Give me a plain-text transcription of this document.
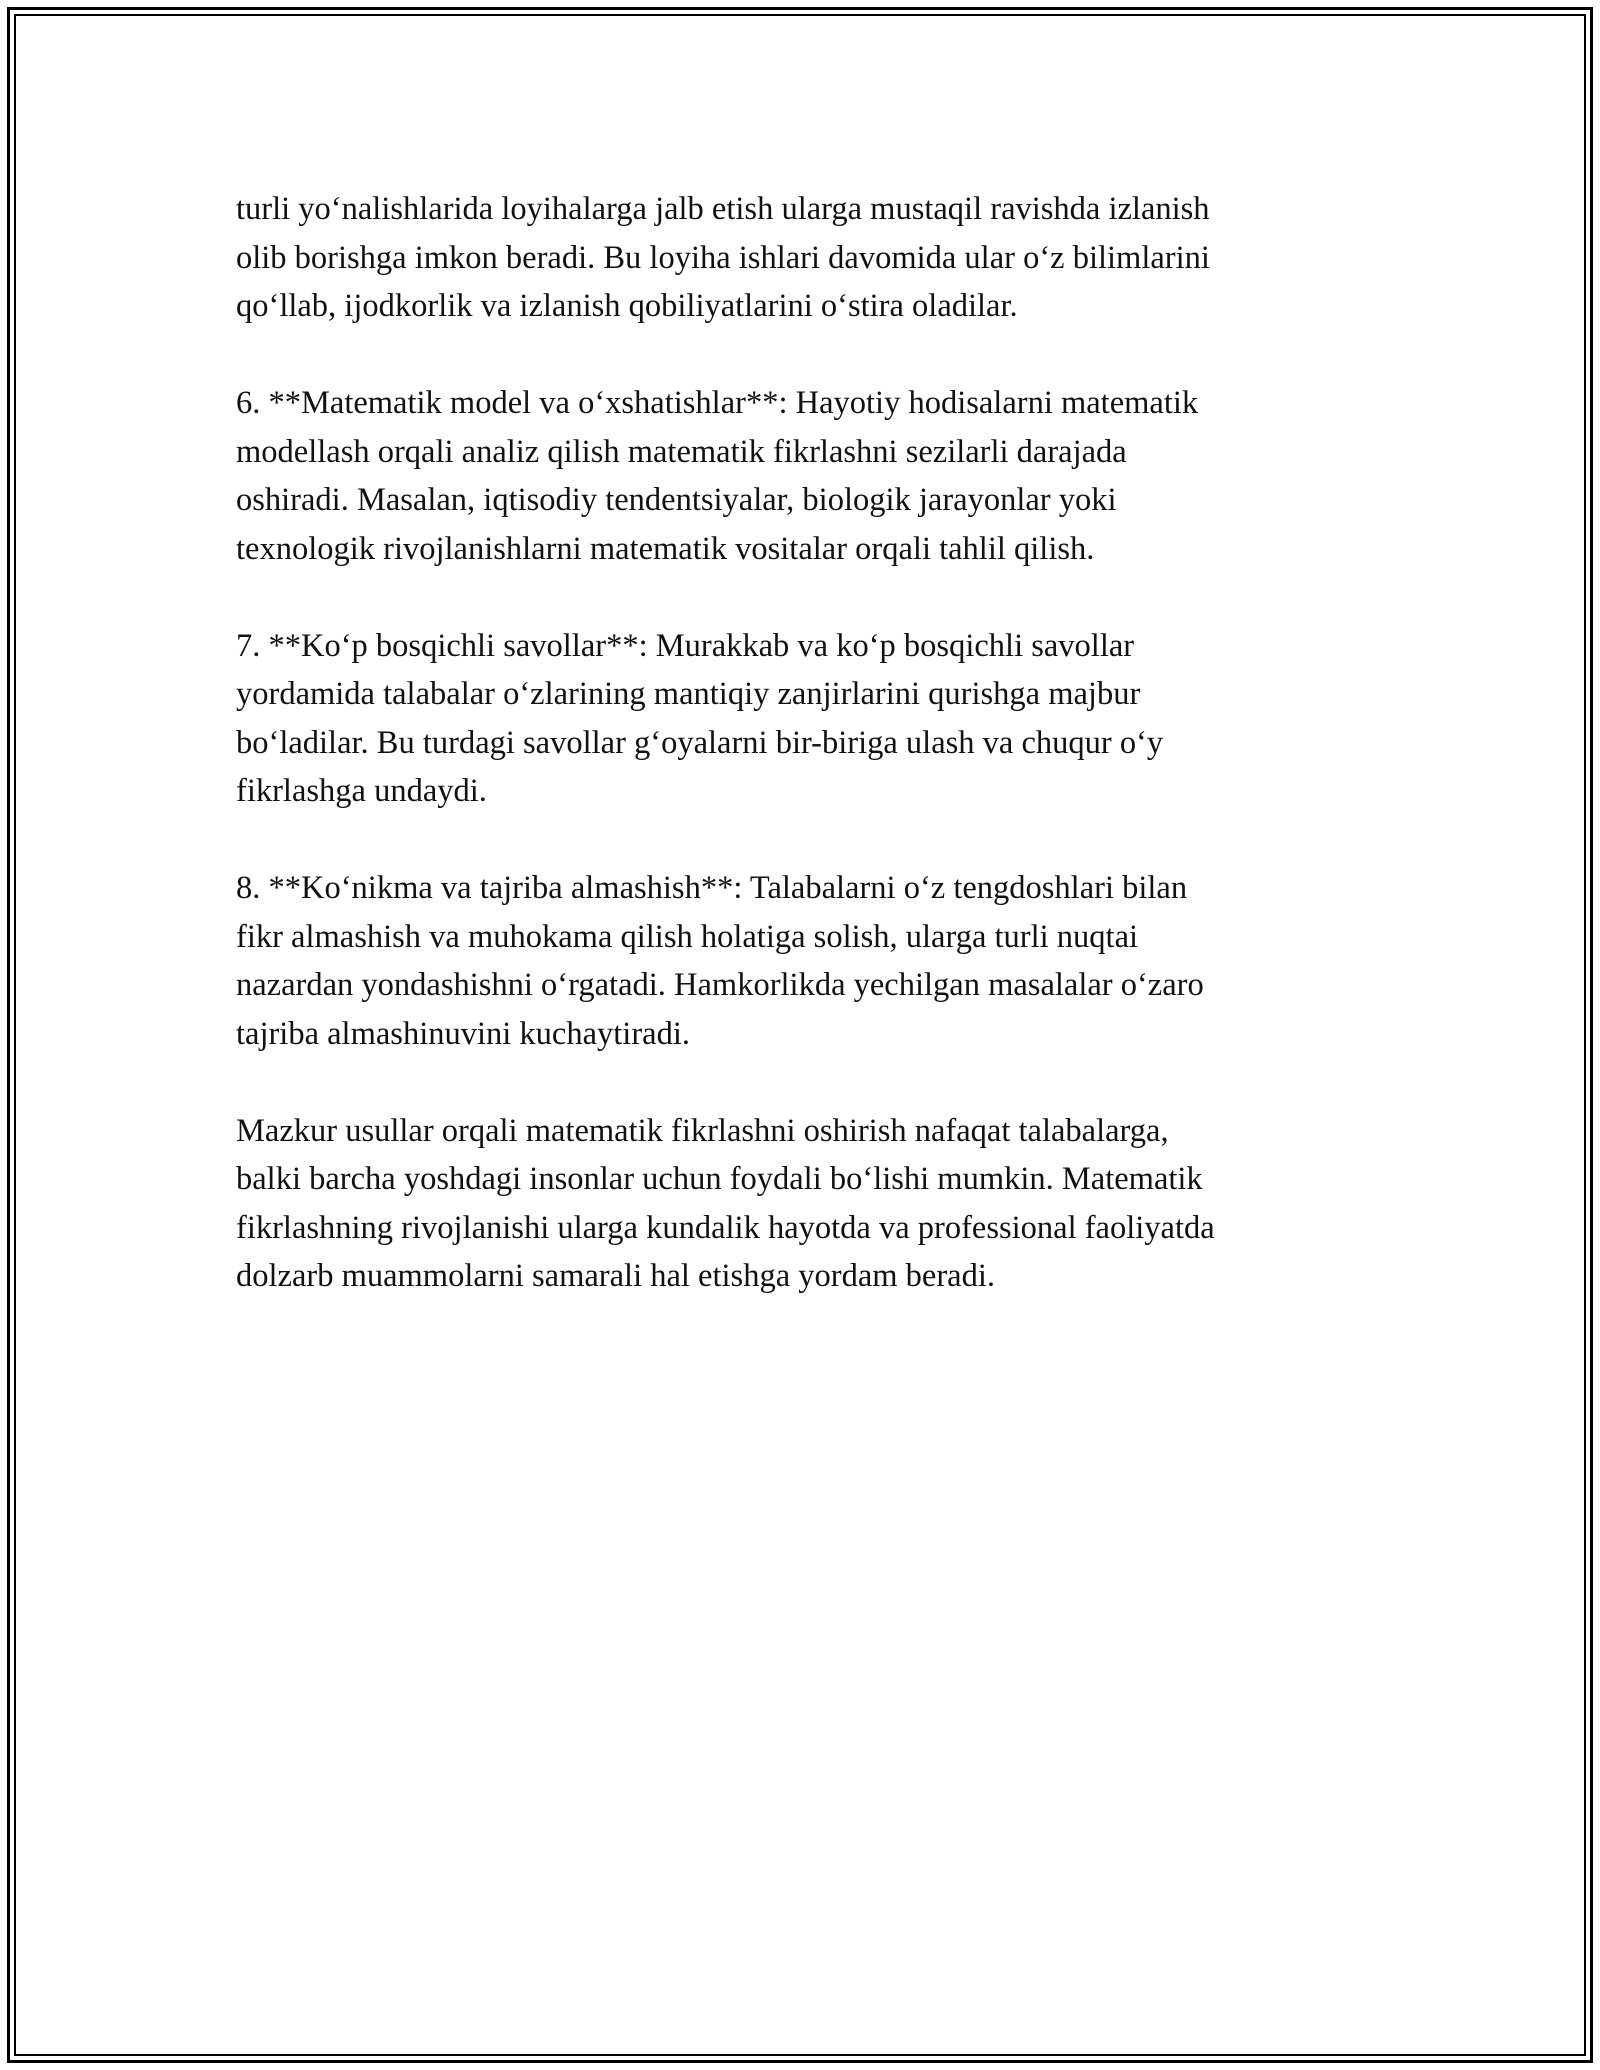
turli yo‘nalishlarida loyihalarga jalb etish ularga mustaqil ravishda izlanish
olib borishga imkon beradi. Bu loyiha ishlari davomida ular o‘z bilimlarini
qo‘llab, ijodkorlik va izlanish qobiliyatlarini o‘stira oladilar.

6. **Matematik model va o‘xshatishlar**: Hayotiy hodisalarni matematik
modellash orqali analiz qilish matematik fikrlashni sezilarli darajada
oshiradi. Masalan, iqtisodiy tendentsiyalar, biologik jarayonlar yoki
texnologik rivojlanishlarni matematik vositalar orqali tahlil qilish.

7. **Ko‘p bosqichli savollar**: Murakkab va ko‘p bosqichli savollar
yordamida talabalar o‘zlarining mantiqiy zanjirlarini qurishga majbur
bo‘ladilar. Bu turdagi savollar g‘oyalarni bir-biriga ulash va chuqur o‘y
fikrlashga undaydi.

8. **Ko‘nikma va tajriba almashish**: Talabalarni o‘z tengdoshlari bilan
fikr almashish va muhokama qilish holatiga solish, ularga turli nuqtai
nazardan yondashishni o‘rgatadi. Hamkorlikda yechilgan masalalar o‘zaro
tajriba almashinuvini kuchaytiradi.

Mazkur usullar orqali matematik fikrlashni oshirish nafaqat talabalarga,
balki barcha yoshdagi insonlar uchun foydali bo‘lishi mumkin. Matematik
fikrlashning rivojlanishi ularga kundalik hayotda va professional faoliyatda
dolzarb muammolarni samarali hal etishga yordam beradi.
